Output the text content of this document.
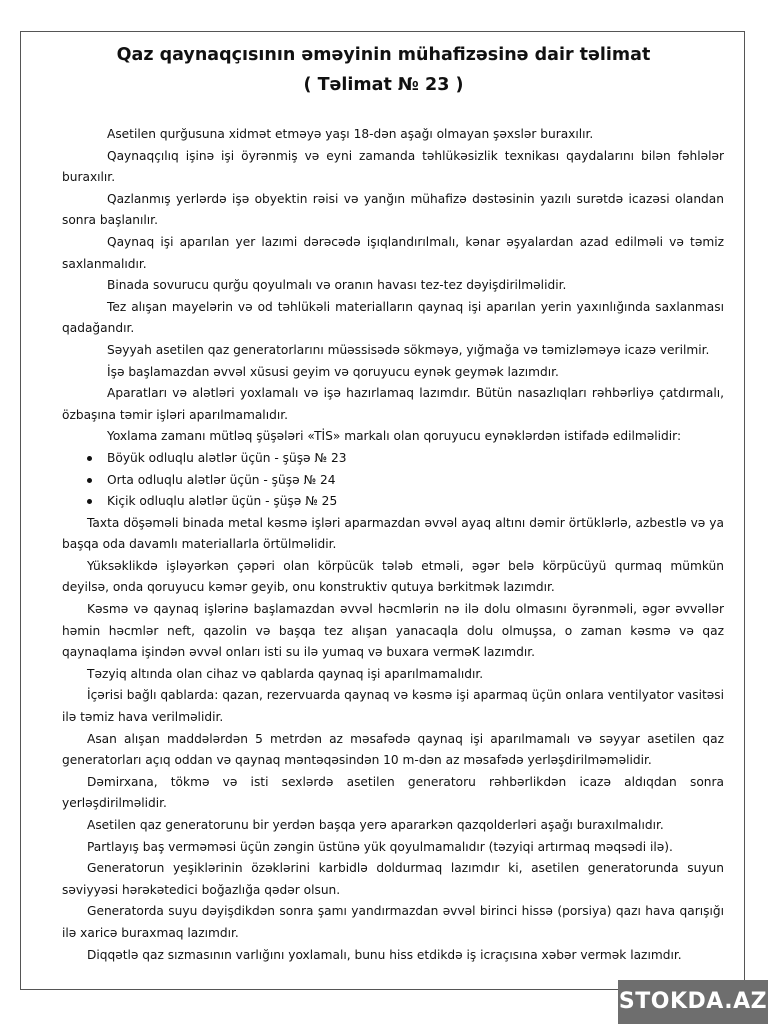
Qaz qaynaqçısının əməyinin mühafizəsinə dair təlimat
( Təlimat № 23 )

Asetilen qurğusuna xidmət etməyə yaşı 18-dən aşağı olmayan şəxslər buraxılır.

Qaynaqçılıq işinə işi öyrənmiş və eyni zamanda təhlükəsizlik texnikası qaydalarını bilən fəhlələr buraxılır.

Qazlanmış yerlərdə işə obyektin rəisi və yanğın mühafizə dəstəsinin yazılı surətdə icazəsi olandan sonra başlanılır.

Qaynaq işi aparılan yer lazımi dərəcədə işıqlandırılmalı, kənar əşyalardan azad edilməli və təmiz saxlanmalıdır.

Binada sovurucu qurğu qoyulmalı və oranın havası tez-tez dəyişdirilməlidir.

Tez alışan mayelərin və od təhlükəli materialların qaynaq işi aparılan yerin yaxınlığında saxlanması qadağandır.

Səyyah asetilen qaz generatorlarını müəssisədə sökməyə, yığmağa və təmizləməyə icazə verilmir.

İşə başlamazdan əvvəl xüsusi geyim və qoruyucu eynək geymək lazımdır.

Aparatları və alətləri yoxlamalı və işə hazırlamaq lazımdır. Bütün nasazlıqları rəhbərliyə çatdırmalı, özbaşına təmir işləri aparılmamalıdır.

Yoxlama zamanı mütləq şüşələri «TİS» markalı olan qoruyucu eynəklərdən istifadə edilməlidir:

Böyük odluqlu alətlər üçün - şüşə № 23
Orta odluqlu alətlər üçün - şüşə № 24
Kiçik odluqlu alətlər üçün - şüşə № 25

Taxta döşəməli binada metal kəsmə işləri aparmazdan əvvəl ayaq altını dəmir örtüklərlə, azbestlə və ya başqa oda davamlı materiallarla örtülməlidir.

Yüksəklikdə işləyərkən çəpəri olan körpücük tələb etməli, əgər belə körpücüyü qurmaq mümkün deyilsə, onda qoruyucu kəmər geyib, onu konstruktiv qutuya bərkitmək lazımdır.

Kəsmə və qaynaq işlərinə başlamazdan əvvəl həcmlərin nə ilə dolu olmasını öyrənməli, əgər əvvəllər həmin həcmlər neft, qazolin və başqa tez alışan yanacaqla dolu olmuşsa, o zaman kəsmə və qaz qaynaqlama işindən əvvəl onları isti su ilə yumaq və buxara verməK lazımdır.

Təzyiq altında olan cihaz və qablarda qaynaq işi aparılmamalıdır.

İçərisi bağlı qablarda: qazan, rezervuarda qaynaq və kəsmə işi aparmaq üçün onlara ventilyator vasitəsi ilə təmiz hava verilməlidir.

Asan alışan maddələrdən 5 metrdən az məsafədə qaynaq işi aparılmamalı və səyyar asetilen qaz generatorları açıq oddan və qaynaq məntəqəsindən 10 m-dən az məsafədə yerləşdirilməməlidir.

Dəmirxana, tökmə və isti sexlərdə asetilen generatoru rəhbərlikdən icazə aldıqdan sonra yerləşdirilməlidir.

Asetilen qaz generatorunu bir yerdən başqa yerə apararkən qazqolderləri aşağı buraxılmalıdır.

Partlayış baş verməməsi üçün zəngin üstünə yük qoyulmamalıdır (təzyiqi artırmaq məqsədi ilə).

Generatorun yeşiklərinin özəklərini karbidlə doldurmaq lazımdır ki, asetilen generatorunda suyun səviyyəsi hərəkətedici boğazlığa qədər olsun.

Generatorda suyu dəyişdikdən sonra şamı yandırmazdan əvvəl birinci hissə (porsiya) qazı hava qarışığı ilə xaricə buraxmaq lazımdır.

Diqqətlə qaz sızmasının varlığını yoxlamalı, bunu hiss etdikdə iş icraçısına xəbər vermək lazımdır.

STOKDA.AZ
